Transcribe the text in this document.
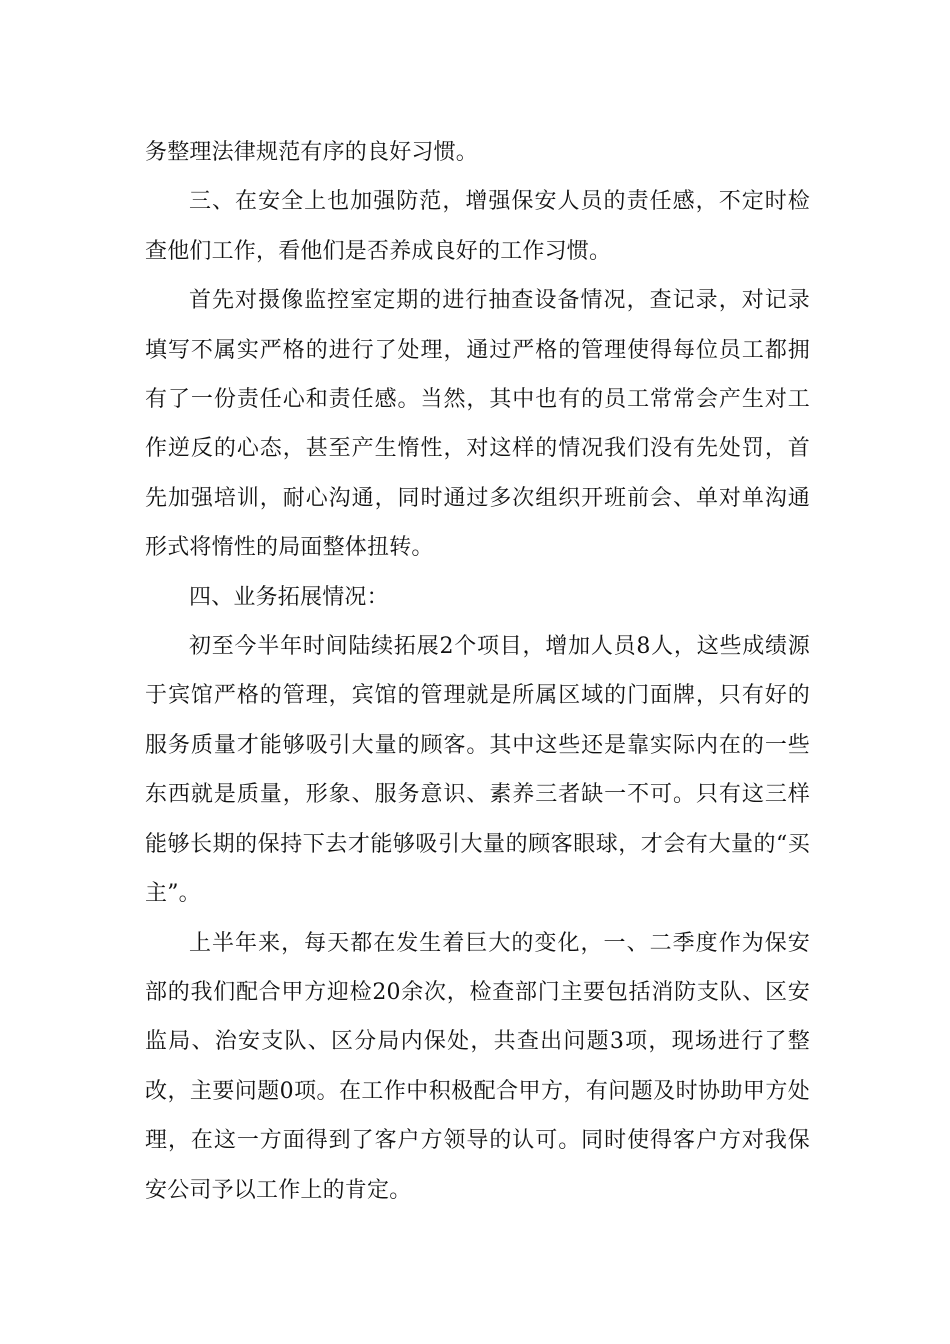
务整理法律规范有序的良好习惯。

三、在安全上也加强防范，增强保安人员的责任感，不定时检查他们工作，看他们是否养成良好的工作习惯。

首先对摄像监控室定期的进行抽查设备情况，查记录，对记录填写不属实严格的进行了处理，通过严格的管理使得每位员工都拥有了一份责任心和责任感。当然，其中也有的员工常常会产生对工作逆反的心态，甚至产生惰性，对这样的情况我们没有先处罚，首先加强培训，耐心沟通，同时通过多次组织开班前会、单对单沟通形式将惰性的局面整体扭转。

四、业务拓展情况：

初至今半年时间陆续拓展2个项目，增加人员8人，这些成绩源于宾馆严格的管理，宾馆的管理就是所属区域的门面牌，只有好的服务质量才能够吸引大量的顾客。其中这些还是靠实际内在的一些东西就是质量，形象、服务意识、素养三者缺一不可。只有这三样能够长期的保持下去才能够吸引大量的顾客眼球，才会有大量的“买主”。

上半年来，每天都在发生着巨大的变化，一、二季度作为保安部的我们配合甲方迎检20余次，检查部门主要包括消防支队、区安监局、治安支队、区分局内保处，共查出问题3项，现场进行了整改，主要问题0项。在工作中积极配合甲方，有问题及时协助甲方处理，在这一方面得到了客户方领导的认可。同时使得客户方对我保安公司予以工作上的肯定。
